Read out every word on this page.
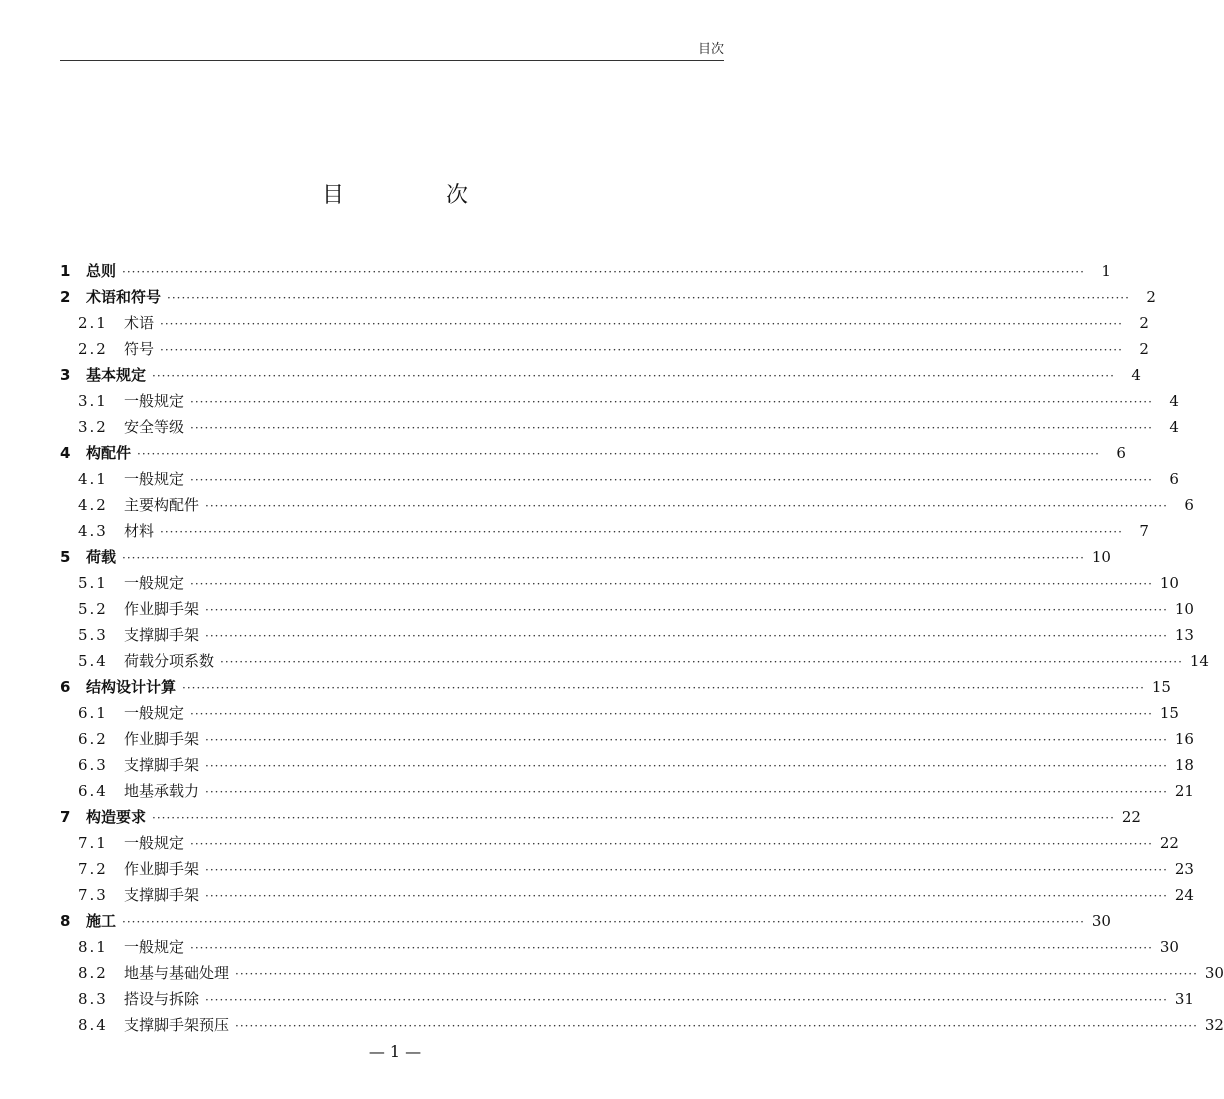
目次
目　次
1	总则 ········································································································································································································	1
2	术语和符号 ········································································································································································································	2
2.1	术语 ········································································································································································································	2
2.2	符号 ········································································································································································································	2
3	基本规定 ········································································································································································································	4
3.1	一般规定 ········································································································································································································	4
3.2	安全等级 ········································································································································································································	4
4	构配件 ········································································································································································································	6
4.1	一般规定 ········································································································································································································	6
4.2	主要构配件 ········································································································································································································	6
4.3	材料 ········································································································································································································	7
5	荷载 ········································································································································································································ 10
5.1	一般规定 ········································································································································································································ 10
5.2	作业脚手架 ········································································································································································································ 10
5.3	支撑脚手架 ········································································································································································································ 13
5.4	荷载分项系数 ········································································································································································································ 14
6	结构设计计算 ········································································································································································································ 15
6.1	一般规定 ········································································································································································································ 15
6.2	作业脚手架 ········································································································································································································ 16
6.3	支撑脚手架 ········································································································································································································ 18
6.4	地基承载力 ········································································································································································································ 21
7	构造要求 ········································································································································································································ 22
7.1	一般规定 ········································································································································································································ 22
7.2	作业脚手架 ········································································································································································································ 23
7.3	支撑脚手架 ········································································································································································································ 24
8	施工 ········································································································································································································ 30
8.1	一般规定 ········································································································································································································ 30
8.2	地基与基础处理 ········································································································································································································ 30
8.3	搭设与拆除 ········································································································································································································ 31
8.4	支撑脚手架预压 ········································································································································································································ 32
— 1 —
